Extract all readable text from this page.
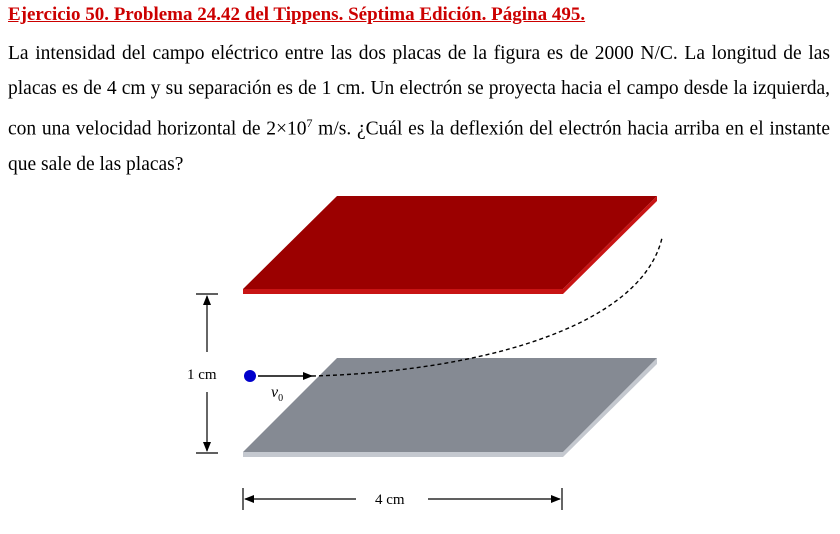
Ejercicio 50. Problema 24.42 del Tippens. Séptima Edición. Página 495.
La intensidad del campo eléctrico entre las dos placas de la figura es de 2000 N/C. La longitud de las placas es de 4 cm y su separación es de 1 cm. Un electrón se proyecta hacia el campo desde la izquierda, con una velocidad horizontal de $2\times 10^7$ m/s. ¿Cuál es la deflexión del electrón hacia arriba en el instante que sale de las placas?
$v_0$
1 cm
4 cm
